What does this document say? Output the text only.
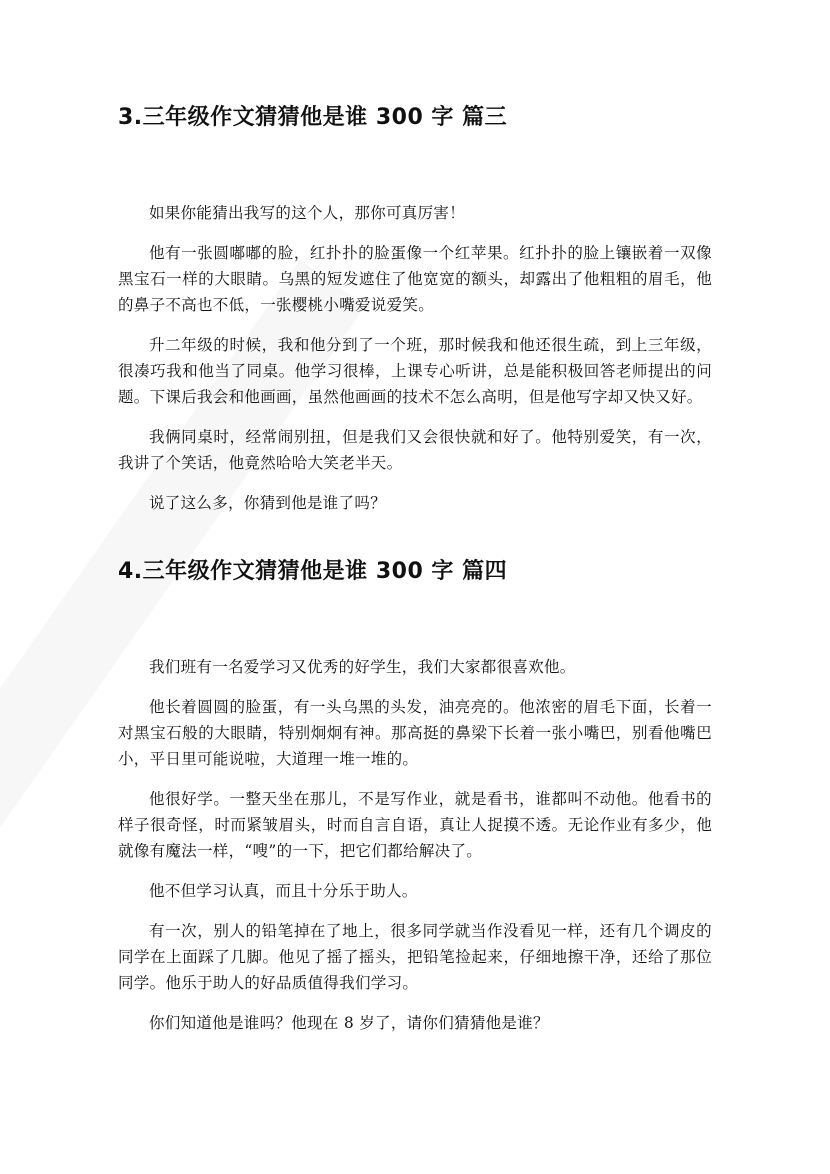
3.三年级作文猜猜他是谁 300 字 篇三

如果你能猜出我写的这个人，那你可真厉害！

他有一张圆嘟嘟的脸，红扑扑的脸蛋像一个红苹果。红扑扑的脸上镶嵌着一双像黑宝石一样的大眼睛。乌黑的短发遮住了他宽宽的额头，却露出了他粗粗的眉毛，他的鼻子不高也不低，一张樱桃小嘴爱说爱笑。

升二年级的时候，我和他分到了一个班，那时候我和他还很生疏，到上三年级，很凑巧我和他当了同桌。他学习很棒，上课专心听讲，总是能积极回答老师提出的问题。下课后我会和他画画，虽然他画画的技术不怎么高明，但是他写字却又快又好。

我俩同桌时，经常闹别扭，但是我们又会很快就和好了。他特别爱笑，有一次，我讲了个笑话，他竟然哈哈大笑老半天。

说了这么多，你猜到他是谁了吗？

4.三年级作文猜猜他是谁 300 字 篇四

我们班有一名爱学习又优秀的好学生，我们大家都很喜欢他。

他长着圆圆的脸蛋，有一头乌黑的头发，油亮亮的。他浓密的眉毛下面，长着一对黑宝石般的大眼睛，特别炯炯有神。那高挺的鼻梁下长着一张小嘴巴，别看他嘴巴小，平日里可能说啦，大道理一堆一堆的。

他很好学。一整天坐在那儿，不是写作业，就是看书，谁都叫不动他。他看书的样子很奇怪，时而紧皱眉头，时而自言自语，真让人捉摸不透。无论作业有多少，他就像有魔法一样，“嗖”的一下，把它们都给解决了。

他不但学习认真，而且十分乐于助人。

有一次，别人的铅笔掉在了地上，很多同学就当作没看见一样，还有几个调皮的同学在上面踩了几脚。他见了摇了摇头，把铅笔捡起来，仔细地擦干净，还给了那位同学。他乐于助人的好品质值得我们学习。

你们知道他是谁吗？他现在 8 岁了，请你们猜猜他是谁？
